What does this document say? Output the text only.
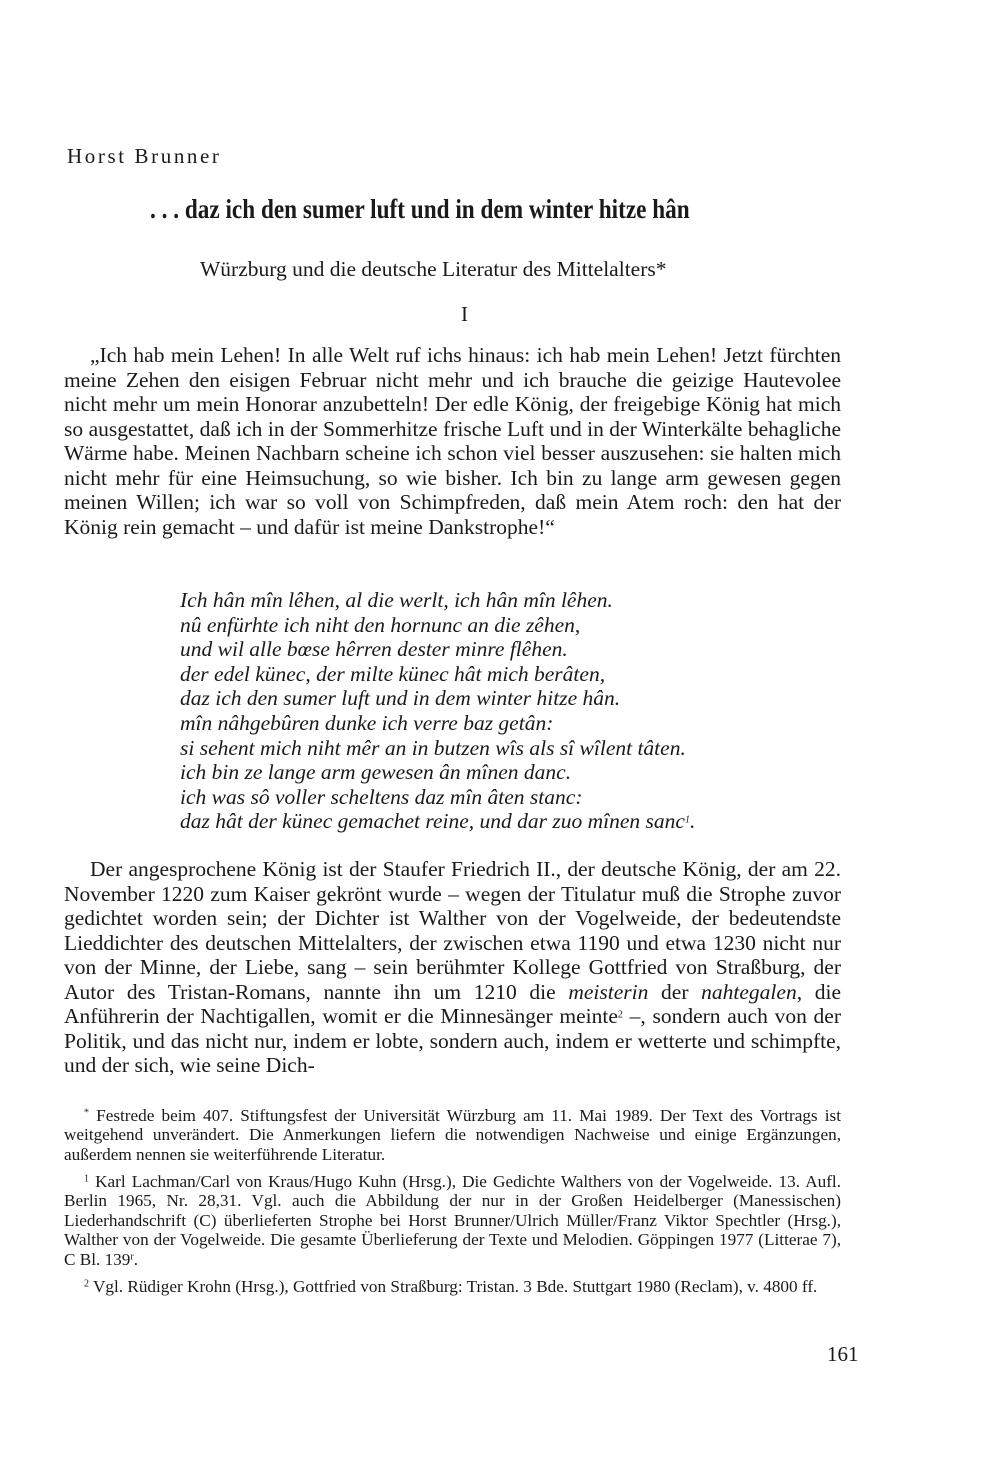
Horst Brunner
. . . daz ich den sumer luft und in dem winter hitze hân
Würzburg und die deutsche Literatur des Mittelalters*
I
„Ich hab mein Lehen! In alle Welt ruf ichs hinaus: ich hab mein Lehen! Jetzt fürchten meine Zehen den eisigen Februar nicht mehr und ich brauche die geizige Hautevolee nicht mehr um mein Honorar anzubetteln! Der edle König, der freigebige König hat mich so ausgestattet, daß ich in der Sommerhitze frische Luft und in der Winterkälte behagliche Wärme habe. Meinen Nachbarn scheine ich schon viel besser auszusehen: sie halten mich nicht mehr für eine Heimsuchung, so wie bisher. Ich bin zu lange arm gewesen gegen meinen Willen; ich war so voll von Schimpfreden, daß mein Atem roch: den hat der König rein gemacht – und dafür ist meine Dankstrophe!“
Ich hân mîn lêhen, al die werlt, ich hân mîn lêhen.
nû enfürhte ich niht den hornunc an die zêhen,
und wil alle bœse hêrren dester minre flêhen.
der edel künec, der milte künec hât mich berâten,
daz ich den sumer luft und in dem winter hitze hân.
mîn nâhgebûren dunke ich verre baz getân:
si sehent mich niht mêr an in butzen wîs als sî wîlent tâten.
ich bin ze lange arm gewesen ân mînen danc.
ich was sô voller scheltens daz mîn âten stanc:
daz hât der künec gemachet reine, und dar zuo mînen sanc$^1$.
Der angesprochene König ist der Staufer Friedrich II., der deutsche König, der am 22. November 1220 zum Kaiser gekrönt wurde – wegen der Titulatur muß die Strophe zuvor gedichtet worden sein; der Dichter ist Walther von der Vogelweide, der bedeutendste Lieddichter des deutschen Mittelalters, der zwischen etwa 1190 und etwa 1230 nicht nur von der Minne, der Liebe, sang – sein berühmter Kollege Gottfried von Straßburg, der Autor des Tristan-Romans, nannte ihn um 1210 die meisterin der nahtegalen, die Anführerin der Nachtigallen, womit er die Minnesänger meinte$^2$ –, sondern auch von der Politik, und das nicht nur, indem er lobte, sondern auch, indem er wetterte und schimpfte, und der sich, wie seine Dich-
* Festrede beim 407. Stiftungsfest der Universität Würzburg am 11. Mai 1989. Der Text des Vortrags ist weitgehend unverändert. Die Anmerkungen liefern die notwendigen Nachweise und einige Ergänzungen, außerdem nennen sie weiterführende Literatur.
$^1$ Karl Lachman/Carl von Kraus/Hugo Kuhn (Hrsg.), Die Gedichte Walthers von der Vogelweide. 13. Aufl. Berlin 1965, Nr. 28,31. Vgl. auch die Abbildung der nur in der Großen Heidelberger (Manessischen) Liederhandschrift (C) überlieferten Strophe bei Horst Brunner/Ulrich Müller/Franz Viktor Spechtler (Hrsg.), Walther von der Vogelweide. Die gesamte Überlieferung der Texte und Melodien. Göppingen 1977 (Litterae 7), C Bl. 139$^r$.
$^2$ Vgl. Rüdiger Krohn (Hrsg.), Gottfried von Straßburg: Tristan. 3 Bde. Stuttgart 1980 (Reclam), v. 4800 ff.
161
